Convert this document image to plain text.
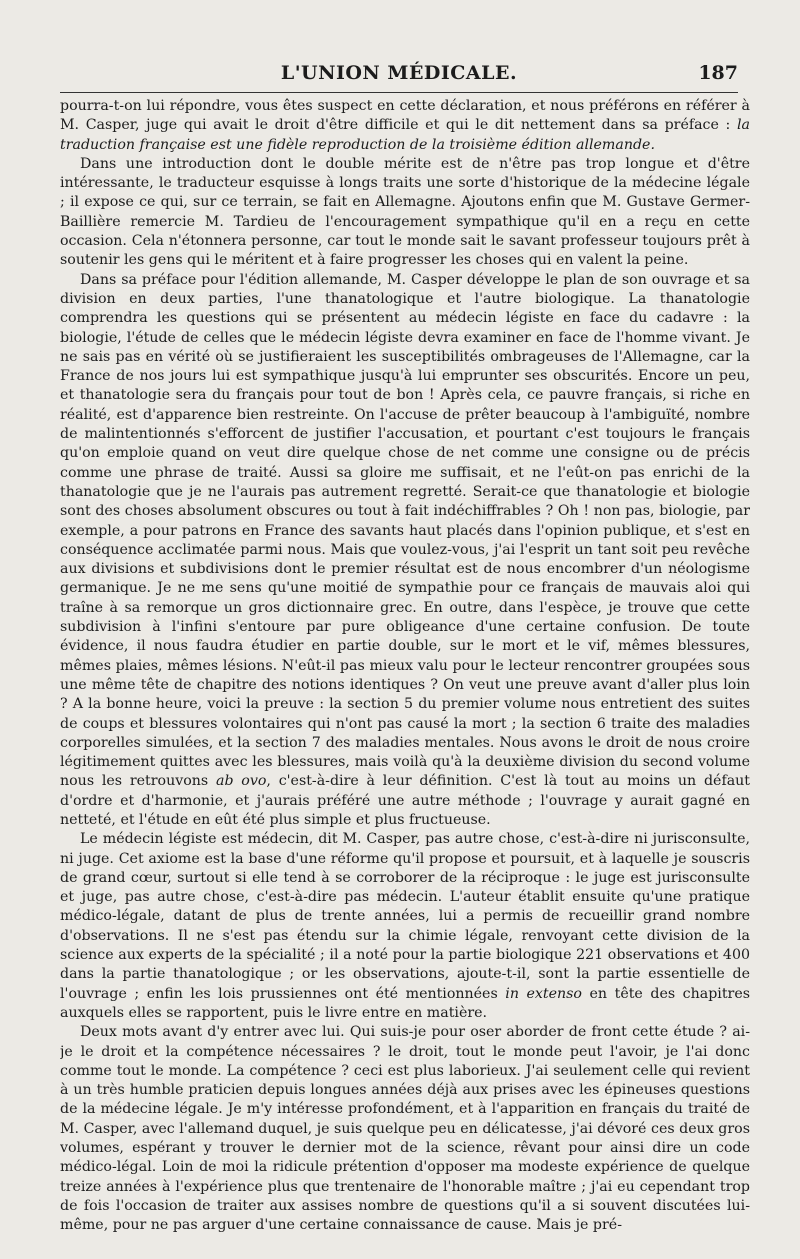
L'UNION MÉDICALE.	187

pourra-t-on lui répondre, vous êtes suspect en cette déclaration, et nous préférons en référer à M. Casper, juge qui avait le droit d'être difficile et qui le dit nettement dans sa préface : la traduction française est une fidèle reproduction de la troisième édition allemande.

Dans une introduction dont le double mérite est de n'être pas trop longue et d'être intéressante, le traducteur esquisse à longs traits une sorte d'historique de la médecine légale ; il expose ce qui, sur ce terrain, se fait en Allemagne. Ajoutons enfin que M. Gustave Germer-Baillière remercie M. Tardieu de l'encouragement sympathique qu'il en a reçu en cette occasion. Cela n'étonnera personne, car tout le monde sait le savant professeur toujours prêt à soutenir les gens qui le méritent et à faire progresser les choses qui en valent la peine.

Dans sa préface pour l'édition allemande, M. Casper développe le plan de son ouvrage et sa division en deux parties, l'une thanatologique et l'autre biologique. La thanatologie comprendra les questions qui se présentent au médecin légiste en face du cadavre : la biologie, l'étude de celles que le médecin légiste devra examiner en face de l'homme vivant. Je ne sais pas en vérité où se justifieraient les susceptibilités ombrageuses de l'Allemagne, car la France de nos jours lui est sympathique jusqu'à lui emprunter ses obscurités. Encore un peu, et thanatologie sera du français pour tout de bon ! Après cela, ce pauvre français, si riche en réalité, est d'apparence bien restreinte. On l'accuse de prêter beaucoup à l'ambiguïté, nombre de malintentionnés s'efforcent de justifier l'accusation, et pourtant c'est toujours le français qu'on emploie quand on veut dire quelque chose de net comme une consigne ou de précis comme une phrase de traité. Aussi sa gloire me suffisait, et ne l'eût-on pas enrichi de la thanatologie que je ne l'aurais pas autrement regretté. Serait-ce que thanatologie et biologie sont des choses absolument obscures ou tout à fait indéchiffrables ? Oh ! non pas, biologie, par exemple, a pour patrons en France des savants haut placés dans l'opinion publique, et s'est en conséquence acclimatée parmi nous. Mais que voulez-vous, j'ai l'esprit un tant soit peu revêche aux divisions et subdivisions dont le premier résultat est de nous encombrer d'un néologisme germanique. Je ne me sens qu'une moitié de sympathie pour ce français de mauvais aloi qui traîne à sa remorque un gros dictionnaire grec. En outre, dans l'espèce, je trouve que cette subdivision à l'infini s'entoure par pure obligeance d'une certaine confusion. De toute évidence, il nous faudra étudier en partie double, sur le mort et le vif, mêmes blessures, mêmes plaies, mêmes lésions. N'eût-il pas mieux valu pour le lecteur rencontrer groupées sous une même tête de chapitre des notions identiques ? On veut une preuve avant d'aller plus loin ? A la bonne heure, voici la preuve : la section 5 du premier volume nous entretient des suites de coups et blessures volontaires qui n'ont pas causé la mort ; la section 6 traite des maladies corporelles simulées, et la section 7 des maladies mentales. Nous avons le droit de nous croire légitimement quittes avec les blessures, mais voilà qu'à la deuxième division du second volume nous les retrouvons ab ovo, c'est-à-dire à leur définition. C'est là tout au moins un défaut d'ordre et d'harmonie, et j'aurais préféré une autre méthode ; l'ouvrage y aurait gagné en netteté, et l'étude en eût été plus simple et plus fructueuse.

Le médecin légiste est médecin, dit M. Casper, pas autre chose, c'est-à-dire ni jurisconsulte, ni juge. Cet axiome est la base d'une réforme qu'il propose et poursuit, et à laquelle je souscris de grand cœur, surtout si elle tend à se corroborer de la réciproque : le juge est jurisconsulte et juge, pas autre chose, c'est-à-dire pas médecin. L'auteur établit ensuite qu'une pratique médico-légale, datant de plus de trente années, lui a permis de recueillir grand nombre d'observations. Il ne s'est pas étendu sur la chimie légale, renvoyant cette division de la science aux experts de la spécialité ; il a noté pour la partie biologique 221 observations et 400 dans la partie thanatologique ; or les observations, ajoute-t-il, sont la partie essentielle de l'ouvrage ; enfin les lois prussiennes ont été mentionnées in extenso en tête des chapitres auxquels elles se rapportent, puis le livre entre en matière.

Deux mots avant d'y entrer avec lui. Qui suis-je pour oser aborder de front cette étude ? ai-je le droit et la compétence nécessaires ? le droit, tout le monde peut l'avoir, je l'ai donc comme tout le monde. La compétence ? ceci est plus laborieux. J'ai seulement celle qui revient à un très humble praticien depuis longues années déjà aux prises avec les épineuses questions de la médecine légale. Je m'y intéresse profondément, et à l'apparition en français du traité de M. Casper, avec l'allemand duquel, je suis quelque peu en délicatesse, j'ai dévoré ces deux gros volumes, espérant y trouver le dernier mot de la science, rêvant pour ainsi dire un code médico-légal. Loin de moi la ridicule prétention d'opposer ma modeste expérience de quelque treize années à l'expérience plus que trentenaire de l'honorable maître ; j'ai eu cependant trop de fois l'occasion de traiter aux assises nombre de questions qu'il a si souvent discutées lui-même, pour ne pas arguer d'une certaine connaissance de cause. Mais je pré-
